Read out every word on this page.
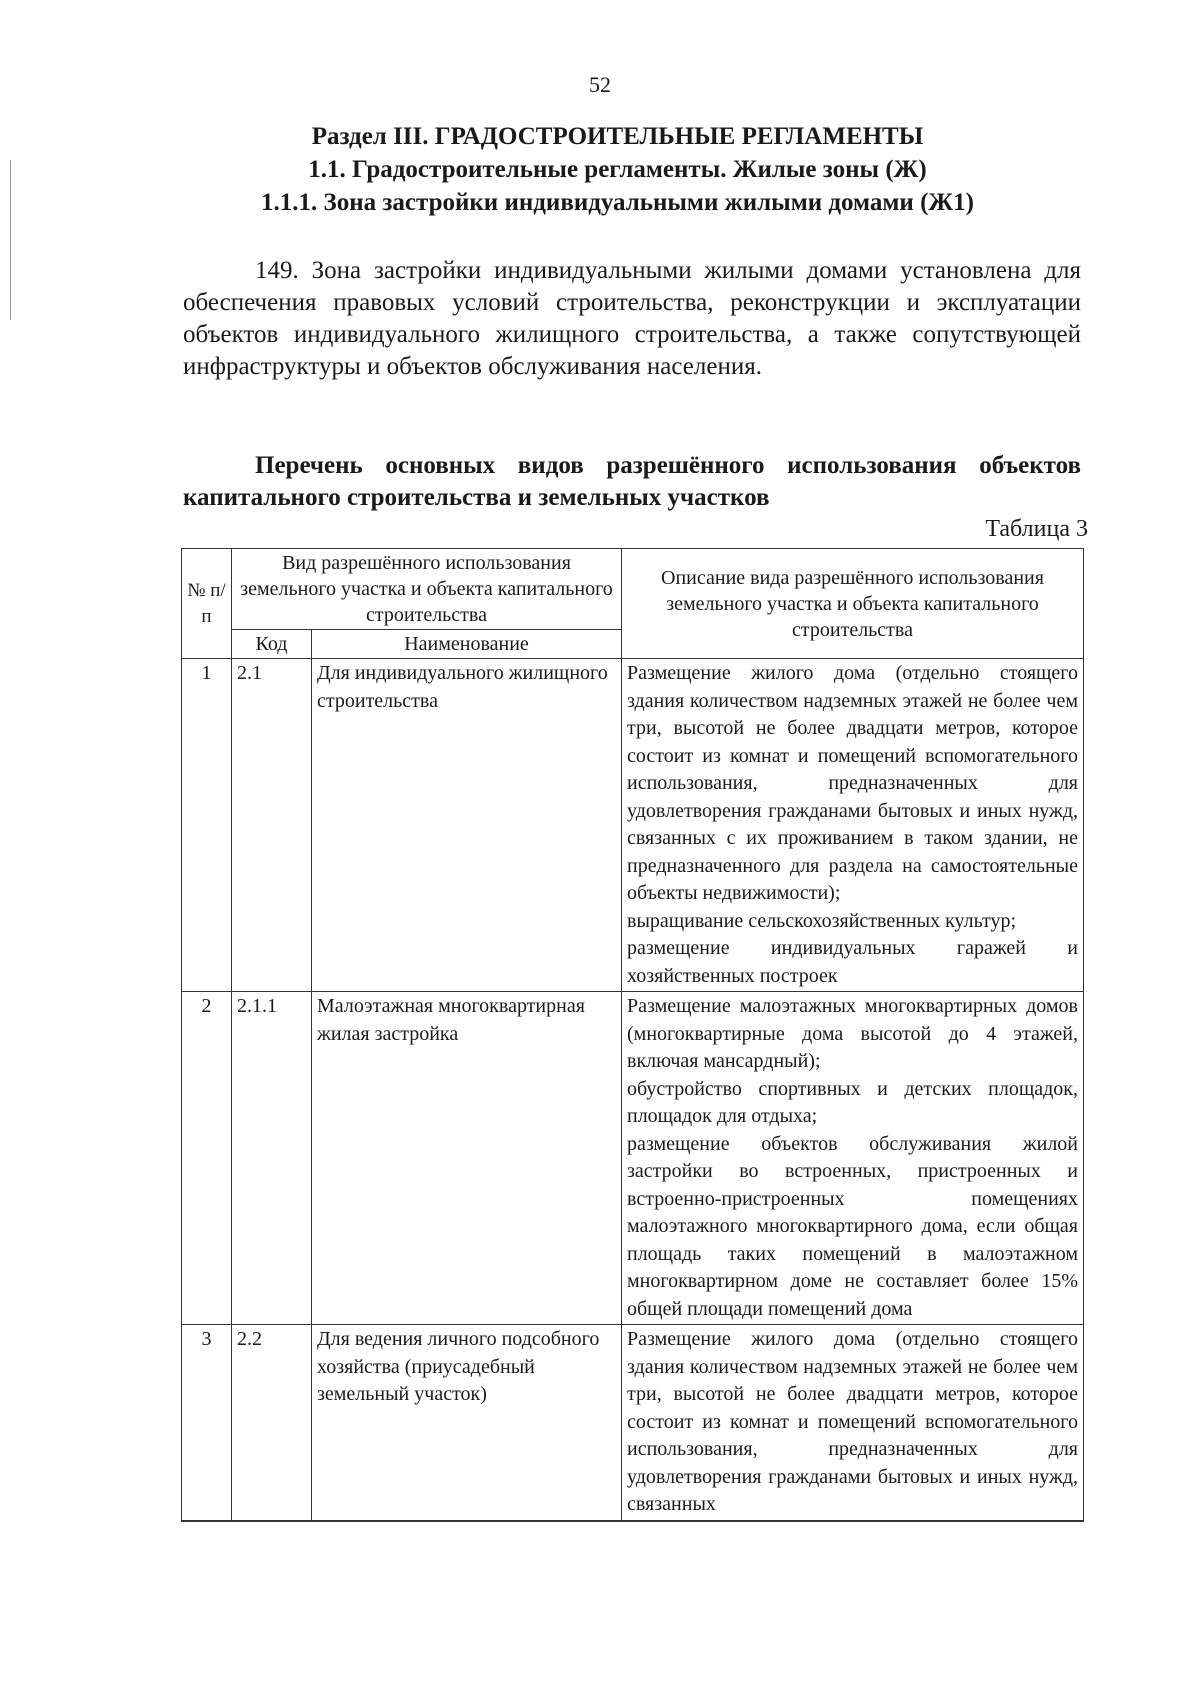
52
Раздел III. ГРАДОСТРОИТЕЛЬНЫЕ РЕГЛАМЕНТЫ
1.1. Градостроительные регламенты. Жилые зоны (Ж)
1.1.1. Зона застройки индивидуальными жилыми домами (Ж1)
149. Зона застройки индивидуальными жилыми домами установлена для обеспечения правовых условий строительства, реконструкции и эксплуатации объектов индивидуального жилищного строительства, а также сопутствующей инфраструктуры и объектов обслуживания населения.
Перечень основных видов разрешённого использования объектов капитального строительства и земельных участков
Таблица 3
№ п/п	Вид разрешённого использования земельного участка и объекта капитального строительства		Описание вида разрешённого использования земельного участка и объекта капитального строительства
	Код	Наименование	
1	2.1	Для индивидуального жилищного строительства	Размещение жилого дома (отдельно стоящего здания количеством надземных этажей не более чем три, высотой не более двадцати метров, которое состоит из комнат и помещений вспомогательного использования, предназначенных для удовлетворения гражданами бытовых и иных нужд, связанных с их проживанием в таком здании, не предназначенного для раздела на самостоятельные объекты недвижимости);
выращивание сельскохозяйственных культур;
размещение индивидуальных гаражей и хозяйственных построек

2	2.1.1	Малоэтажная многоквартирная жилая застройка	Размещение малоэтажных многоквартирных домов (многоквартирные дома высотой до 4 этажей, включая мансардный);
обустройство спортивных и детских площадок, площадок для отдыха;
размещение объектов обслуживания жилой застройки во встроенных, пристроенных и встроенно-пристроенных помещениях малоэтажного многоквартирного дома, если общая площадь таких помещений в малоэтажном многоквартирном доме не составляет более 15% общей площади помещений дома

3	2.2	Для ведения личного подсобного хозяйства (приусадебный земельный участок)	Размещение жилого дома (отдельно стоящего здания количеством надземных этажей не более чем три, высотой не более двадцати метров, которое состоит из комнат и помещений вспомогательного использования, предназначенных для удовлетворения гражданами бытовых и иных нужд, связанных
